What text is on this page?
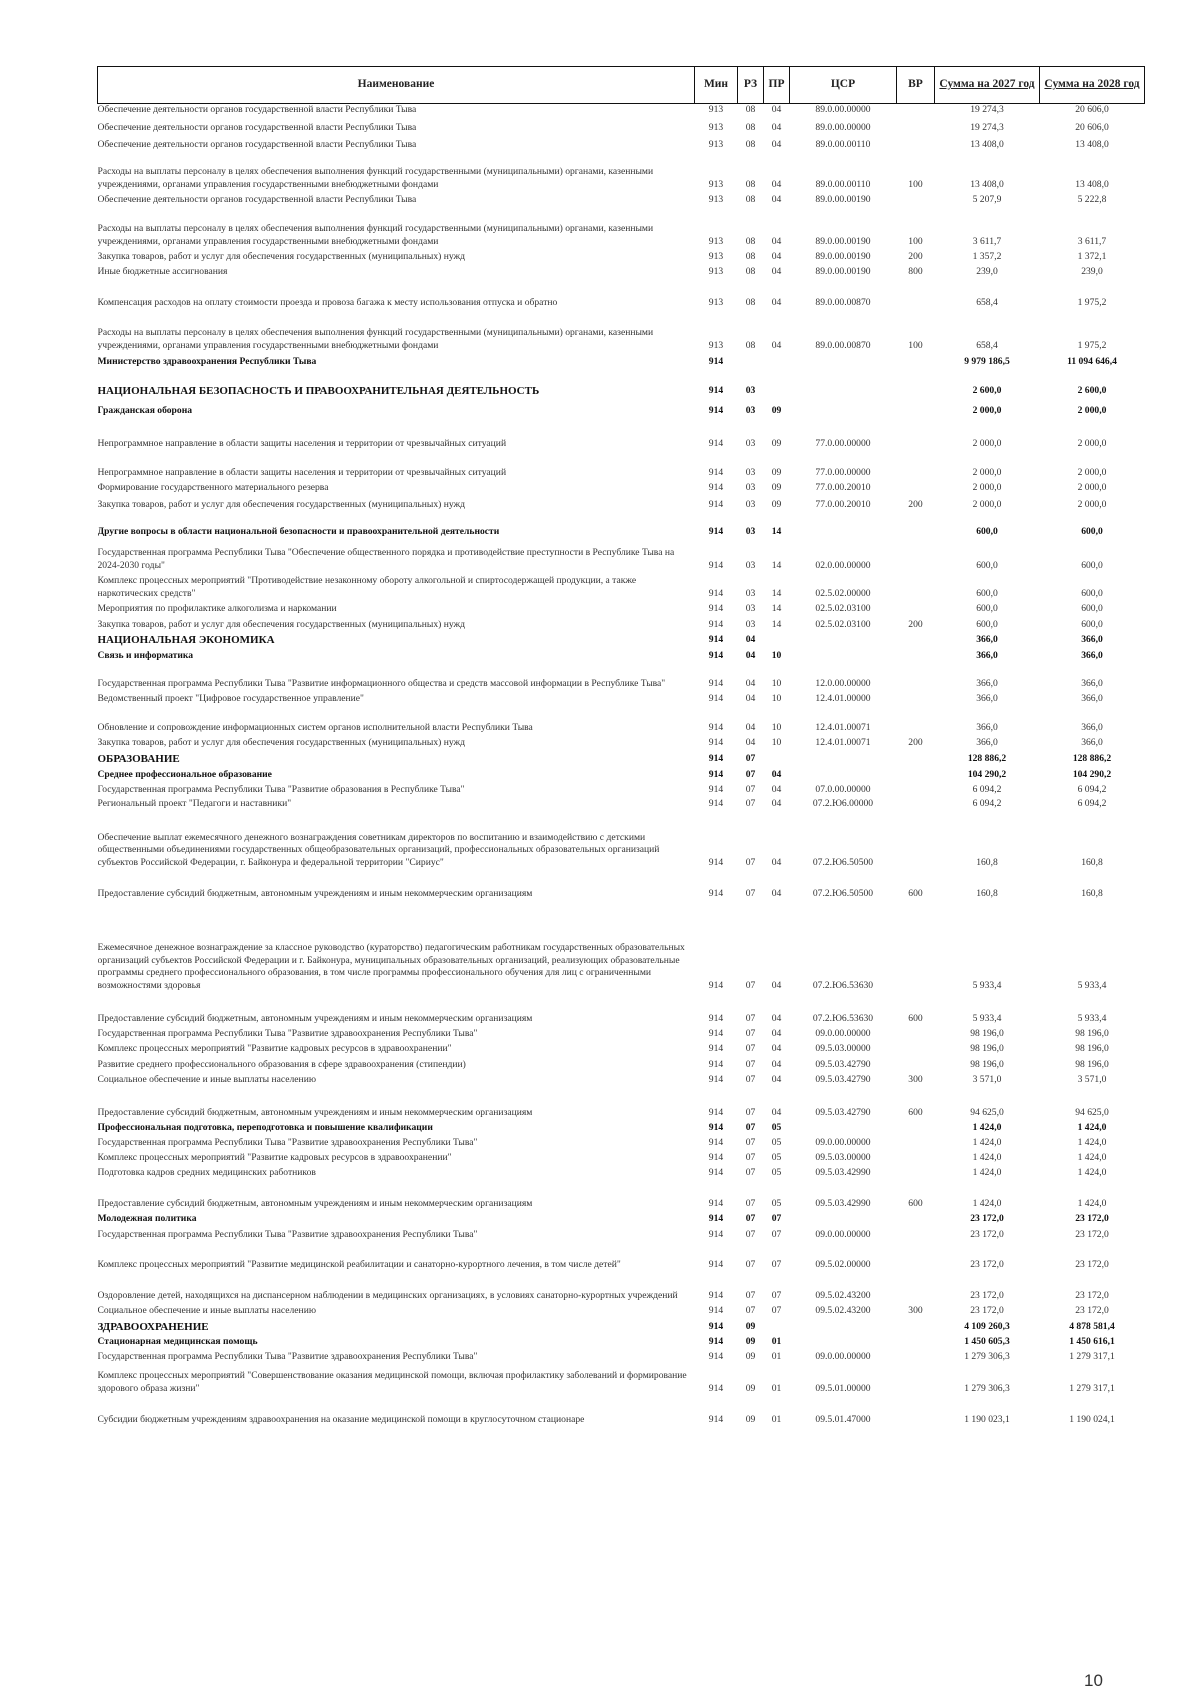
Наименование	Мин	РЗ	ПР	ЦСР	ВР	Сумма на 2027 год	Сумма на 2028 год
Обеспечение деятельности органов государственной власти Республики Тыва	913	08	04	89.0.00.00000		19 274,3	20 606,0
Обеспечение деятельности органов государственной власти Республики Тыва	913	08	04	89.0.00.00000		19 274,3	20 606,0
Обеспечение деятельности органов государственной власти Республики Тыва	913	08	04	89.0.00.00110		13 408,0	13 408,0
Расходы на выплаты персоналу в целях обеспечения выполнения функций государственными (муниципальными) органами, казенными учреждениями, органами управления государственными внебюджетными фондами	913	08	04	89.0.00.00110	100	13 408,0	13 408,0
Обеспечение деятельности органов государственной власти Республики Тыва	913	08	04	89.0.00.00190		5 207,9	5 222,8
Расходы на выплаты персоналу в целях обеспечения выполнения функций государственными (муниципальными) органами, казенными учреждениями, органами управления государственными внебюджетными фондами	913	08	04	89.0.00.00190	100	3 611,7	3 611,7
Закупка товаров, работ и услуг для обеспечения государственных (муниципальных) нужд	913	08	04	89.0.00.00190	200	1 357,2	1 372,1
Иные бюджетные ассигнования	913	08	04	89.0.00.00190	800	239,0	239,0
Компенсация расходов на оплату стоимости проезда и провоза багажа к месту использования отпуска и обратно	913	08	04	89.0.00.00870		658,4	1 975,2
Расходы на выплаты персоналу в целях обеспечения выполнения функций государственными (муниципальными) органами, казенными учреждениями, органами управления государственными внебюджетными фондами	913	08	04	89.0.00.00870	100	658,4	1 975,2
Министерство здравоохранения Республики Тыва	914					9 979 186,5	11 094 646,4
НАЦИОНАЛЬНАЯ БЕЗОПАСНОСТЬ И ПРАВООХРАНИТЕЛЬНАЯ ДЕЯТЕЛЬНОСТЬ	914	03				2 600,0	2 600,0
Гражданская оборона	914	03	09			2 000,0	2 000,0
Непрограммное направление в области защиты населения и территории от чрезвычайных ситуаций	914	03	09	77.0.00.00000		2 000,0	2 000,0
Непрограммное направление в области защиты населения и территории от чрезвычайных ситуаций	914	03	09	77.0.00.00000		2 000,0	2 000,0
Формирование государственного материального резерва	914	03	09	77.0.00.20010		2 000,0	2 000,0
Закупка товаров, работ и услуг для обеспечения государственных (муниципальных) нужд	914	03	09	77.0.00.20010	200	2 000,0	2 000,0
Другие вопросы в области национальной безопасности и правоохранительной деятельности	914	03	14			600,0	600,0
Государственная программа Республики Тыва "Обеспечение общественного порядка и противодействие преступности в Республике Тыва на 2024-2030 годы"	914	03	14	02.0.00.00000		600,0	600,0
Комплекс процессных мероприятий "Противодействие незаконному обороту алкогольной и спиртосодержащей продукции, а также наркотических средств"	914	03	14	02.5.02.00000		600,0	600,0
Мероприятия по профилактике алкоголизма и наркомании	914	03	14	02.5.02.03100		600,0	600,0
Закупка товаров, работ и услуг для обеспечения государственных (муниципальных) нужд	914	03	14	02.5.02.03100	200	600,0	600,0
НАЦИОНАЛЬНАЯ ЭКОНОМИКА	914	04				366,0	366,0
Связь и информатика	914	04	10			366,0	366,0
Государственная программа Республики Тыва "Развитие информационного общества и средств массовой информации в Республике Тыва"	914	04	10	12.0.00.00000		366,0	366,0
Ведомственный проект "Цифровое государственное управление"	914	04	10	12.4.01.00000		366,0	366,0
Обновление и сопровождение информационных систем органов исполнительной власти Республики Тыва	914	04	10	12.4.01.00071		366,0	366,0
Закупка товаров, работ и услуг для обеспечения государственных (муниципальных) нужд	914	04	10	12.4.01.00071	200	366,0	366,0
ОБРАЗОВАНИЕ	914	07				128 886,2	128 886,2
Среднее профессиональное образование	914	07	04			104 290,2	104 290,2
Государственная программа Республики Тыва "Развитие образования в Республике Тыва"	914	07	04	07.0.00.00000		6 094,2	6 094,2
Региональный проект "Педагоги и наставники"	914	07	04	07.2.Ю6.00000		6 094,2	6 094,2
Обеспечение выплат ежемесячного денежного вознаграждения советникам директоров по воспитанию и взаимодействию с детскими общественными объединениями государственных общеобразовательных организаций, профессиональных образовательных организаций субъектов Российской Федерации, г. Байконура и федеральной территории "Сириус"	914	07	04	07.2.Ю6.50500		160,8	160,8
Предоставление субсидий бюджетным, автономным учреждениям и иным некоммерческим организациям	914	07	04	07.2.Ю6.50500	600	160,8	160,8
Ежемесячное денежное вознаграждение за классное руководство (кураторство) педагогическим работникам государственных образовательных организаций субъектов Российской Федерации и г. Байконура, муниципальных образовательных организаций, реализующих образовательные программы среднего профессионального образования, в том числе программы профессионального обучения для лиц с ограниченными возможностями здоровья	914	07	04	07.2.Ю6.53630		5 933,4	5 933,4
Предоставление субсидий бюджетным, автономным учреждениям и иным некоммерческим организациям	914	07	04	07.2.Ю6.53630	600	5 933,4	5 933,4
Государственная программа Республики Тыва "Развитие здравоохранения Республики Тыва"	914	07	04	09.0.00.00000		98 196,0	98 196,0
Комплекс процессных мероприятий "Развитие кадровых ресурсов в здравоохранении"	914	07	04	09.5.03.00000		98 196,0	98 196,0
Развитие среднего профессионального образования в сфере здравоохранения (стипендии)	914	07	04	09.5.03.42790		98 196,0	98 196,0
Социальное обеспечение и иные выплаты населению	914	07	04	09.5.03.42790	300	3 571,0	3 571,0
Предоставление субсидий бюджетным, автономным учреждениям и иным некоммерческим организациям	914	07	04	09.5.03.42790	600	94 625,0	94 625,0
Профессиональная подготовка, переподготовка и повышение квалификации	914	07	05			1 424,0	1 424,0
Государственная программа Республики Тыва "Развитие здравоохранения Республики Тыва"	914	07	05	09.0.00.00000		1 424,0	1 424,0
Комплекс процессных мероприятий "Развитие кадровых ресурсов в здравоохранении"	914	07	05	09.5.03.00000		1 424,0	1 424,0
Подготовка кадров средних медицинских работников	914	07	05	09.5.03.42990		1 424,0	1 424,0
Предоставление субсидий бюджетным, автономным учреждениям и иным некоммерческим организациям	914	07	05	09.5.03.42990	600	1 424,0	1 424,0
Молодежная политика	914	07	07			23 172,0	23 172,0
Государственная программа Республики Тыва "Развитие здравоохранения Республики Тыва"	914	07	07	09.0.00.00000		23 172,0	23 172,0
Комплекс процессных мероприятий "Развитие медицинской реабилитации и санаторно-курортного лечения, в том числе детей"	914	07	07	09.5.02.00000		23 172,0	23 172,0
Оздоровление детей, находящихся на диспансерном наблюдении в медицинских организациях, в условиях санаторно-курортных учреждений	914	07	07	09.5.02.43200		23 172,0	23 172,0
Социальное обеспечение и иные выплаты населению	914	07	07	09.5.02.43200	300	23 172,0	23 172,0
ЗДРАВООХРАНЕНИЕ	914	09				4 109 260,3	4 878 581,4
Стационарная медицинская помощь	914	09	01			1 450 605,3	1 450 616,1
Государственная программа Республики Тыва "Развитие здравоохранения Республики Тыва"	914	09	01	09.0.00.00000		1 279 306,3	1 279 317,1
Комплекс процессных мероприятий "Совершенствование оказания медицинской помощи, включая профилактику заболеваний и формирование здорового образа жизни"	914	09	01	09.5.01.00000		1 279 306,3	1 279 317,1
Субсидии бюджетным учреждениям здравоохранения на оказание медицинской помощи в круглосуточном стационаре	914	09	01	09.5.01.47000		1 190 023,1	1 190 024,1
10
